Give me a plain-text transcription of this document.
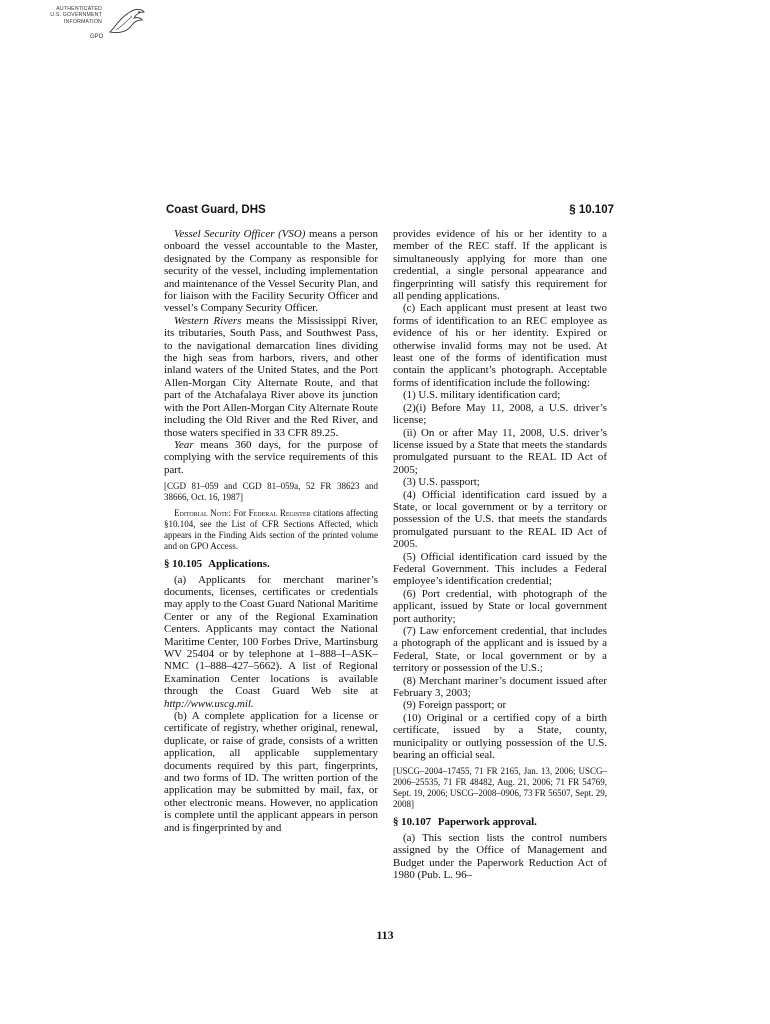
AUTHENTICATED
U.S. GOVERNMENT
INFORMATION
GPO
Coast Guard, DHS	§ 10.107

Vessel Security Officer (VSO) means a person onboard the vessel accountable to the Master, designated by the Company as responsible for security of the vessel, including implementation and maintenance of the Vessel Security Plan, and for liaison with the Facility Security Officer and vessel’s Company Security Officer.

Western Rivers means the Mississippi River, its tributaries, South Pass, and Southwest Pass, to the navigational demarcation lines dividing the high seas from harbors, rivers, and other inland waters of the United States, and the Port Allen-Morgan City Alternate Route, and that part of the Atchafalaya River above its junction with the Port Allen-Morgan City Alternate Route including the Old River and the Red River, and those waters specified in 33 CFR 89.25.

Year means 360 days, for the purpose of complying with the service requirements of this part.

[CGD 81–059 and CGD 81–059a, 52 FR 38623 and 38666, Oct. 16, 1987]

Editorial Note: For Federal Register citations affecting §10.104, see the List of CFR Sections Affected, which appears in the Finding Aids section of the printed volume and on GPO Access.

§ 10.105 Applications.

(a) Applicants for merchant mariner’s documents, licenses, certificates or credentials may apply to the Coast Guard National Maritime Center or any of the Regional Examination Centers. Applicants may contact the National Maritime Center, 100 Forbes Drive, Martinsburg WV 25404 or by telephone at 1–888–I–ASK–NMC (1–888–427–5662). A list of Regional Examination Center locations is available through the Coast Guard Web site at http://www.uscg.mil.

(b) A complete application for a license or certificate of registry, whether original, renewal, duplicate, or raise of grade, consists of a written application, all applicable supplementary documents required by this part, fingerprints, and two forms of ID. The written portion of the application may be submitted by mail, fax, or other electronic means. However, no application is complete until the applicant appears in person and is fingerprinted by and

provides evidence of his or her identity to a member of the REC staff. If the applicant is simultaneously applying for more than one credential, a single personal appearance and fingerprinting will satisfy this requirement for all pending applications.

(c) Each applicant must present at least two forms of identification to an REC employee as evidence of his or her identity. Expired or otherwise invalid forms may not be used. At least one of the forms of identification must contain the applicant’s photograph. Acceptable forms of identification include the following:

(1) U.S. military identification card;

(2)(i) Before May 11, 2008, a U.S. driver’s license;

(ii) On or after May 11, 2008, U.S. driver’s license issued by a State that meets the standards promulgated pursuant to the REAL ID Act of 2005;

(3) U.S. passport;

(4) Official identification card issued by a State, or local government or by a territory or possession of the U.S. that meets the standards promulgated pursuant to the REAL ID Act of 2005.

(5) Official identification card issued by the Federal Government. This includes a Federal employee’s identification credential;

(6) Port credential, with photograph of the applicant, issued by State or local government port authority;

(7) Law enforcement credential, that includes a photograph of the applicant and is issued by a Federal, State, or local government or by a territory or possession of the U.S.;

(8) Merchant mariner’s document issued after February 3, 2003;

(9) Foreign passport; or

(10) Original or a certified copy of a birth certificate, issued by a State, county, municipality or outlying possession of the U.S. bearing an official seal.

[USCG–2004–17455, 71 FR 2165, Jan. 13, 2006; USCG–2006–25535, 71 FR 48482, Aug. 21, 2006; 71 FR 54769, Sept. 19, 2006; USCG–2008–0906, 73 FR 56507, Sept. 29, 2008]

§ 10.107 Paperwork approval.

(a) This section lists the control numbers assigned by the Office of Management and Budget under the Paperwork Reduction Act of 1980 (Pub. L. 96–

113
